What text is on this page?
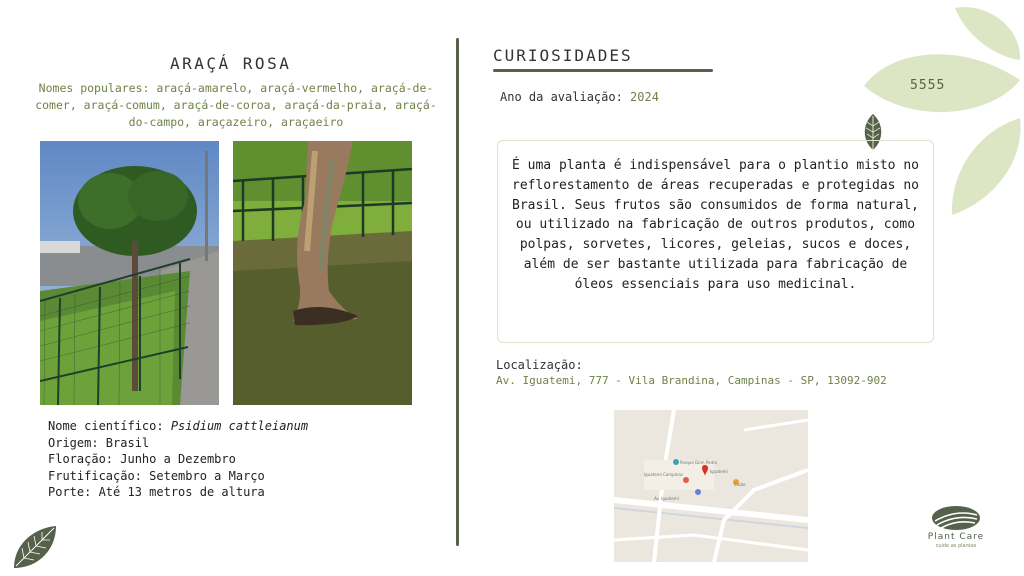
5555
ARAÇÁ ROSA
Nomes populares: araçá-amarelo, araçá-vermelho, araçá-de-comer, araçá-comum, araçá-de-coroa, araçá-da-praia, araçá-do-campo, araçazeiro, araçaeiro
Nome científico: Psidium cattleianum
Origem: Brasil
Floração: Junho a Dezembro
Frutificação: Setembro a Março
Porte: Até 13 metros de altura
CURIOSIDADES
Ano da avaliação: 2024
É uma planta é indispensável para o plantio misto no reflorestamento de áreas recuperadas e protegidas no Brasil. Seus frutos são consumidos de forma natural, ou utilizado na fabricação de outros produtos, como polpas, sorvetes, licores, geleias, sucos e doces, além de ser bastante utilizada para fabricação de óleos essenciais para uso medicinal.
Localização:
Av. Iguatemi, 777 - Vila Brandina, Campinas - SP, 13092-902
Parque Dom Pedro
Iguatemi
Iguatemi Campinas
Clube
Av. Iguatemi
Plant Care
cuide as plantas
